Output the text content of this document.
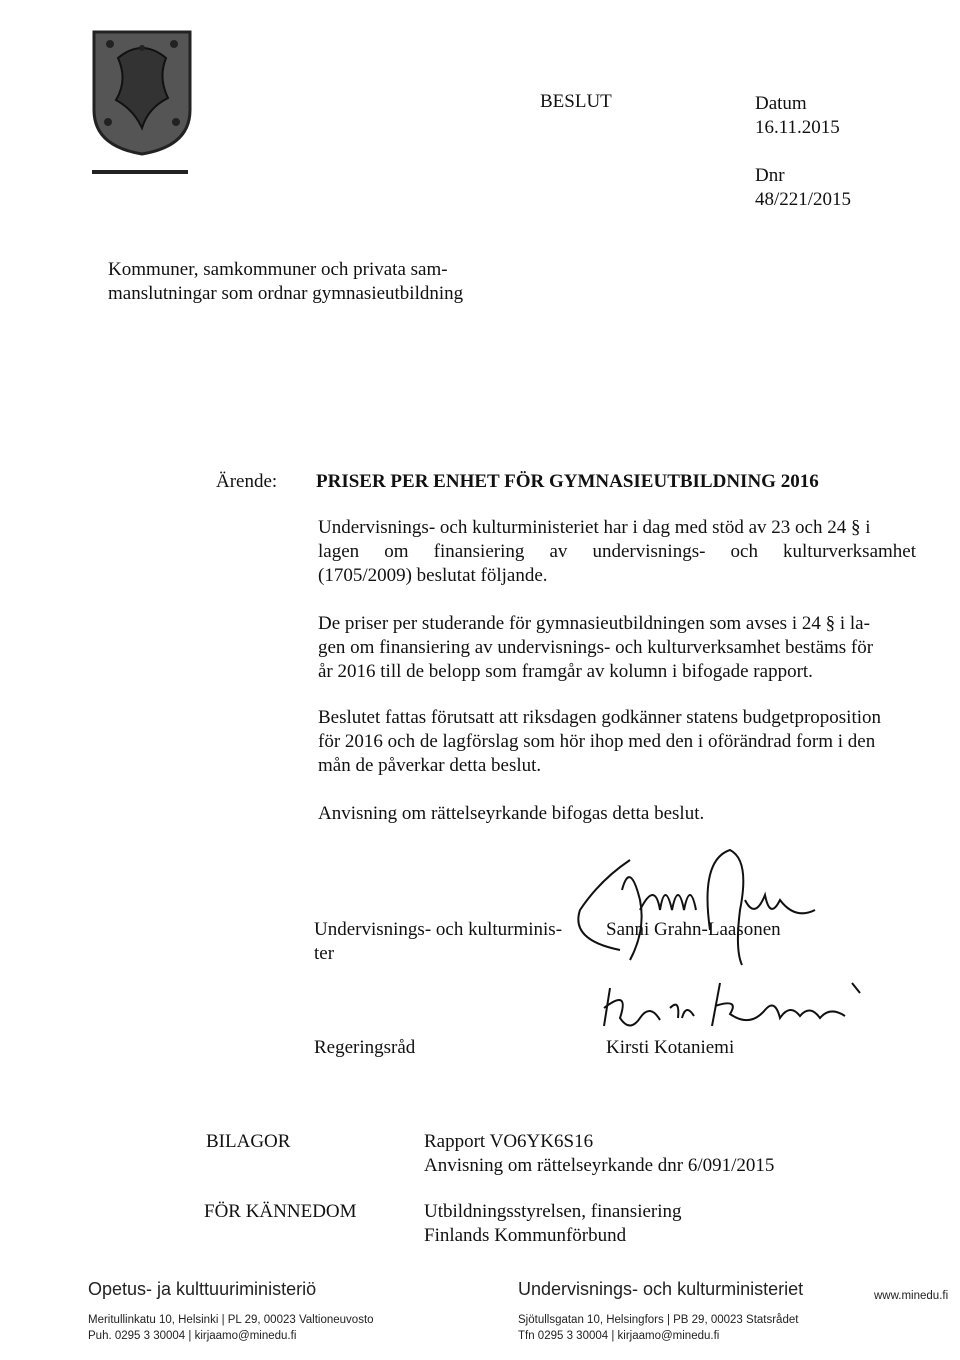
BESLUT	Datum
16.11.2015
Dnr
48/221/2015
Kommuner, samkommuner och privata sam-
manslutningar som ordnar gymnasieutbildning
Ärende: PRISER PER ENHET FÖR GYMNASIEUTBILDNING 2016

Undervisnings- och kulturministeriet har i dag med stöd av 23 och 24 § i

lagen om finansiering av undervisnings- och kulturverksamhet

(1705/2009) beslutat följande.

De priser per studerande för gymnasieutbildningen som avses i 24 § i la-

gen om finansiering av undervisnings- och kulturverksamhet bestäms för

år 2016 till de belopp som framgår av kolumn i bifogade rapport.

Beslutet fattas förutsatt att riksdagen godkänner statens budgetproposition

för 2016 och de lagförslag som hör ihop med den i oförändrad form i den

mån de påverkar detta beslut.

Anvisning om rättelseyrkande bifogas detta beslut.
Undervisnings- och kulturminis-
ter
Sanni Grahn-Laasonen
Regeringsråd	Kirsti Kotaniemi
BILAGOR	Rapport VO6YK6S16
Anvisning om rättelseyrkande dnr 6/091/2015
FÖR KÄNNEDOM	Utbildningsstyrelsen, finansiering
Finlands Kommunförbund
Opetus- ja kulttuuriministeriö
Meritullinkatu 10, Helsinki | PL 29, 00023 Valtioneuvosto
Puh. 0295 3 30004 | kirjaamo@minedu.fi
Undervisnings- och kulturministeriet
Sjötullsgatan 10, Helsingfors | PB 29, 00023 Statsrådet
Tfn 0295 3 30004 | kirjaamo@minedu.fi
www.minedu.fi
